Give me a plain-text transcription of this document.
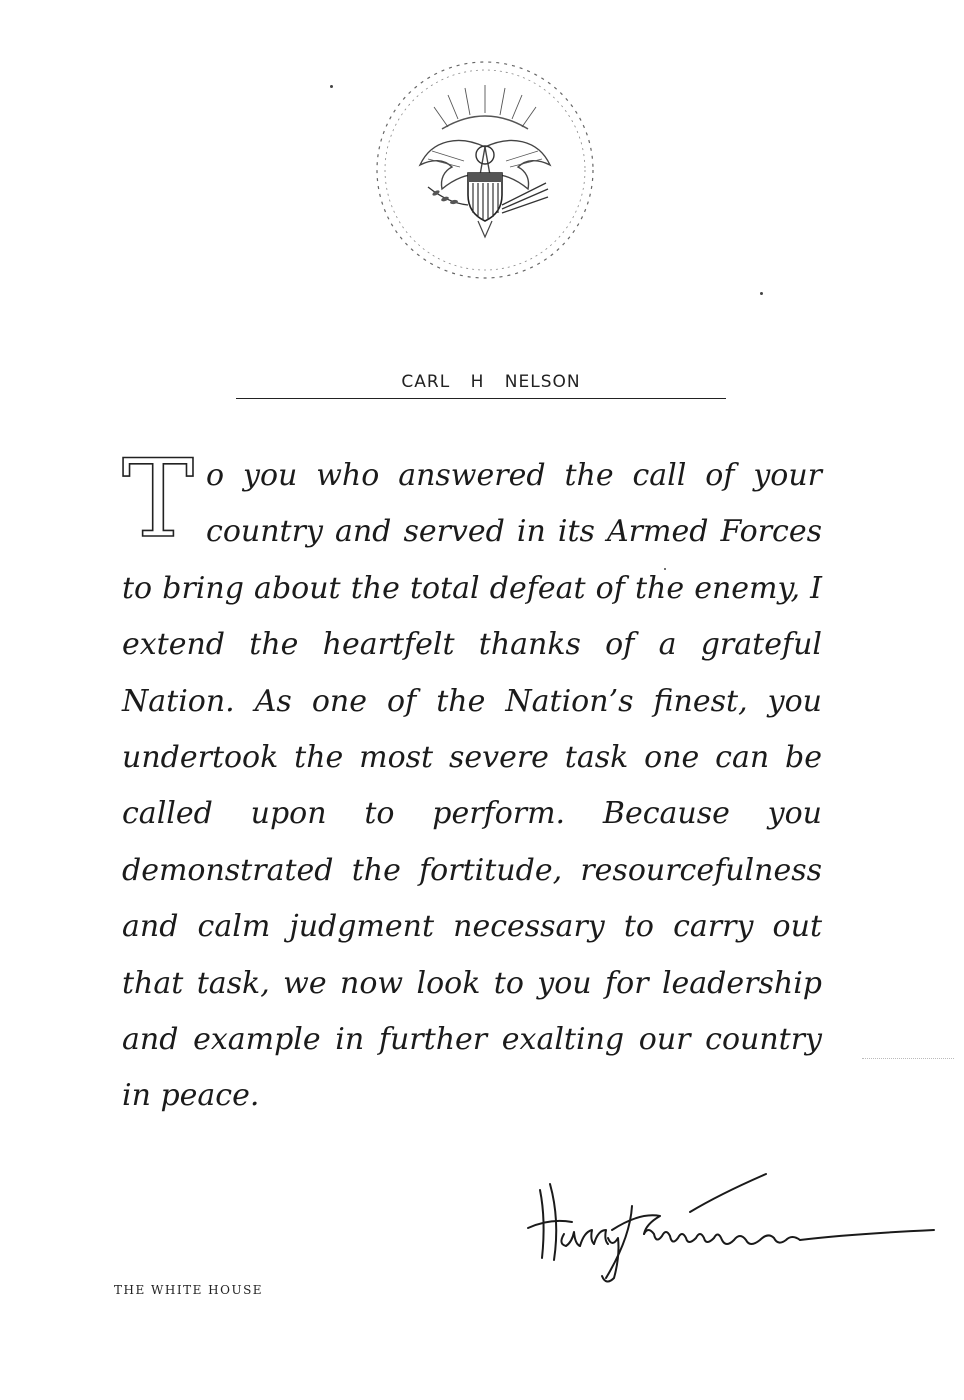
CARL H NELSON

To you who answered the call of your country and served in its Armed Forces to bring about the total defeat of the enemy, I extend the heartfelt thanks of a grateful Nation. As one of the Nation’s finest, you undertook the most severe task one can be called upon to perform. Because you demonstrated the fortitude, resourcefulness and calm judgment necessary to carry out that task, we now look to you for leadership and example in further exalting our country in peace.

THE WHITE HOUSE
